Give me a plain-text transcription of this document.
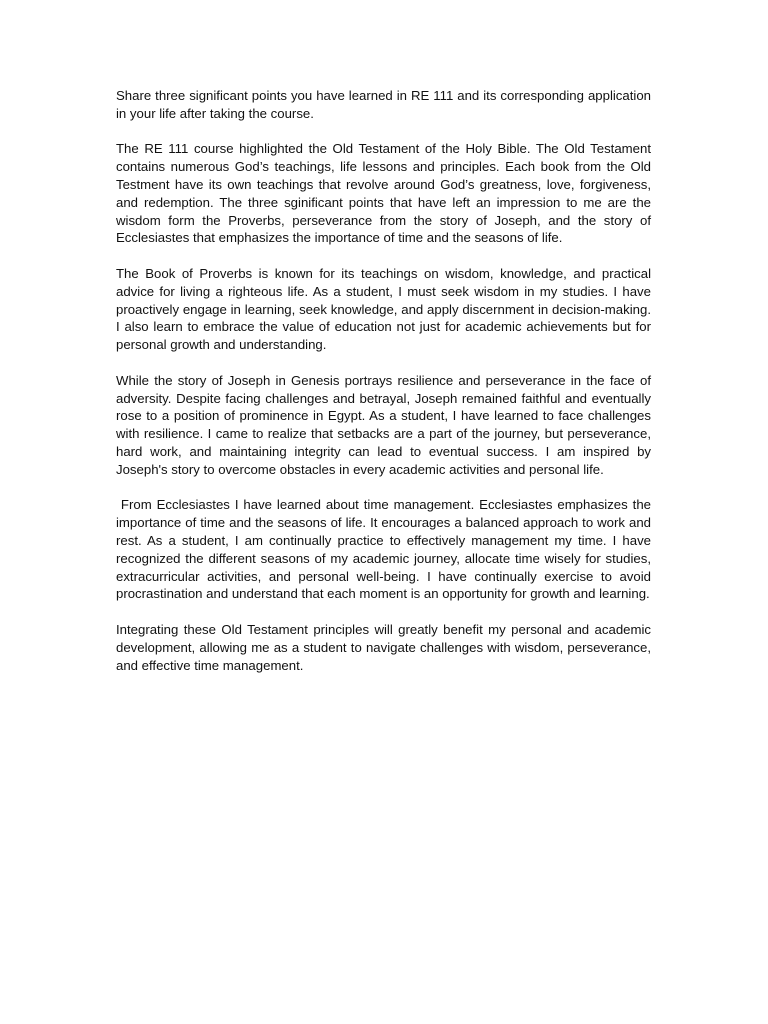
Share three significant points you have learned in RE 111 and its corresponding application in your life after taking the course.

The RE 111 course highlighted the Old Testament of the Holy Bible. The Old Testament contains numerous God’s teachings, life lessons and principles. Each book from the Old Testment have its own teachings that revolve around God’s greatness, love, forgiveness, and redemption. The three sginificant points that have left an impression to me are the wisdom form the Proverbs, perseverance from the story of Joseph, and the story of Ecclesiastes that emphasizes the importance of time and the seasons of life.

The Book of Proverbs is known for its teachings on wisdom, knowledge, and practical advice for living a righteous life. As a student, I must seek wisdom in my studies. I have proactively engage in learning, seek knowledge, and apply discernment in decision-making. I also learn to embrace the value of education not just for academic achievements but for personal growth and understanding.

While the story of Joseph in Genesis portrays resilience and perseverance in the face of adversity. Despite facing challenges and betrayal, Joseph remained faithful and eventually rose to a position of prominence in Egypt. As a student, I have learned to face challenges with resilience. I came to realize that setbacks are a part of the journey, but perseverance, hard work, and maintaining integrity can lead to eventual success. I am inspired by Joseph's story to overcome obstacles in every academic activities and personal life.

From Ecclesiastes I have learned about time management. Ecclesiastes emphasizes the importance of time and the seasons of life. It encourages a balanced approach to work and rest. As a student, I am continually practice to effectively management my time. I have recognized the different seasons of my academic journey, allocate time wisely for studies, extracurricular activities, and personal well-being. I have continually exercise to avoid procrastination and understand that each moment is an opportunity for growth and learning.

Integrating these Old Testament principles will greatly benefit my personal and academic development, allowing me as a student to navigate challenges with wisdom, perseverance, and effective time management.
